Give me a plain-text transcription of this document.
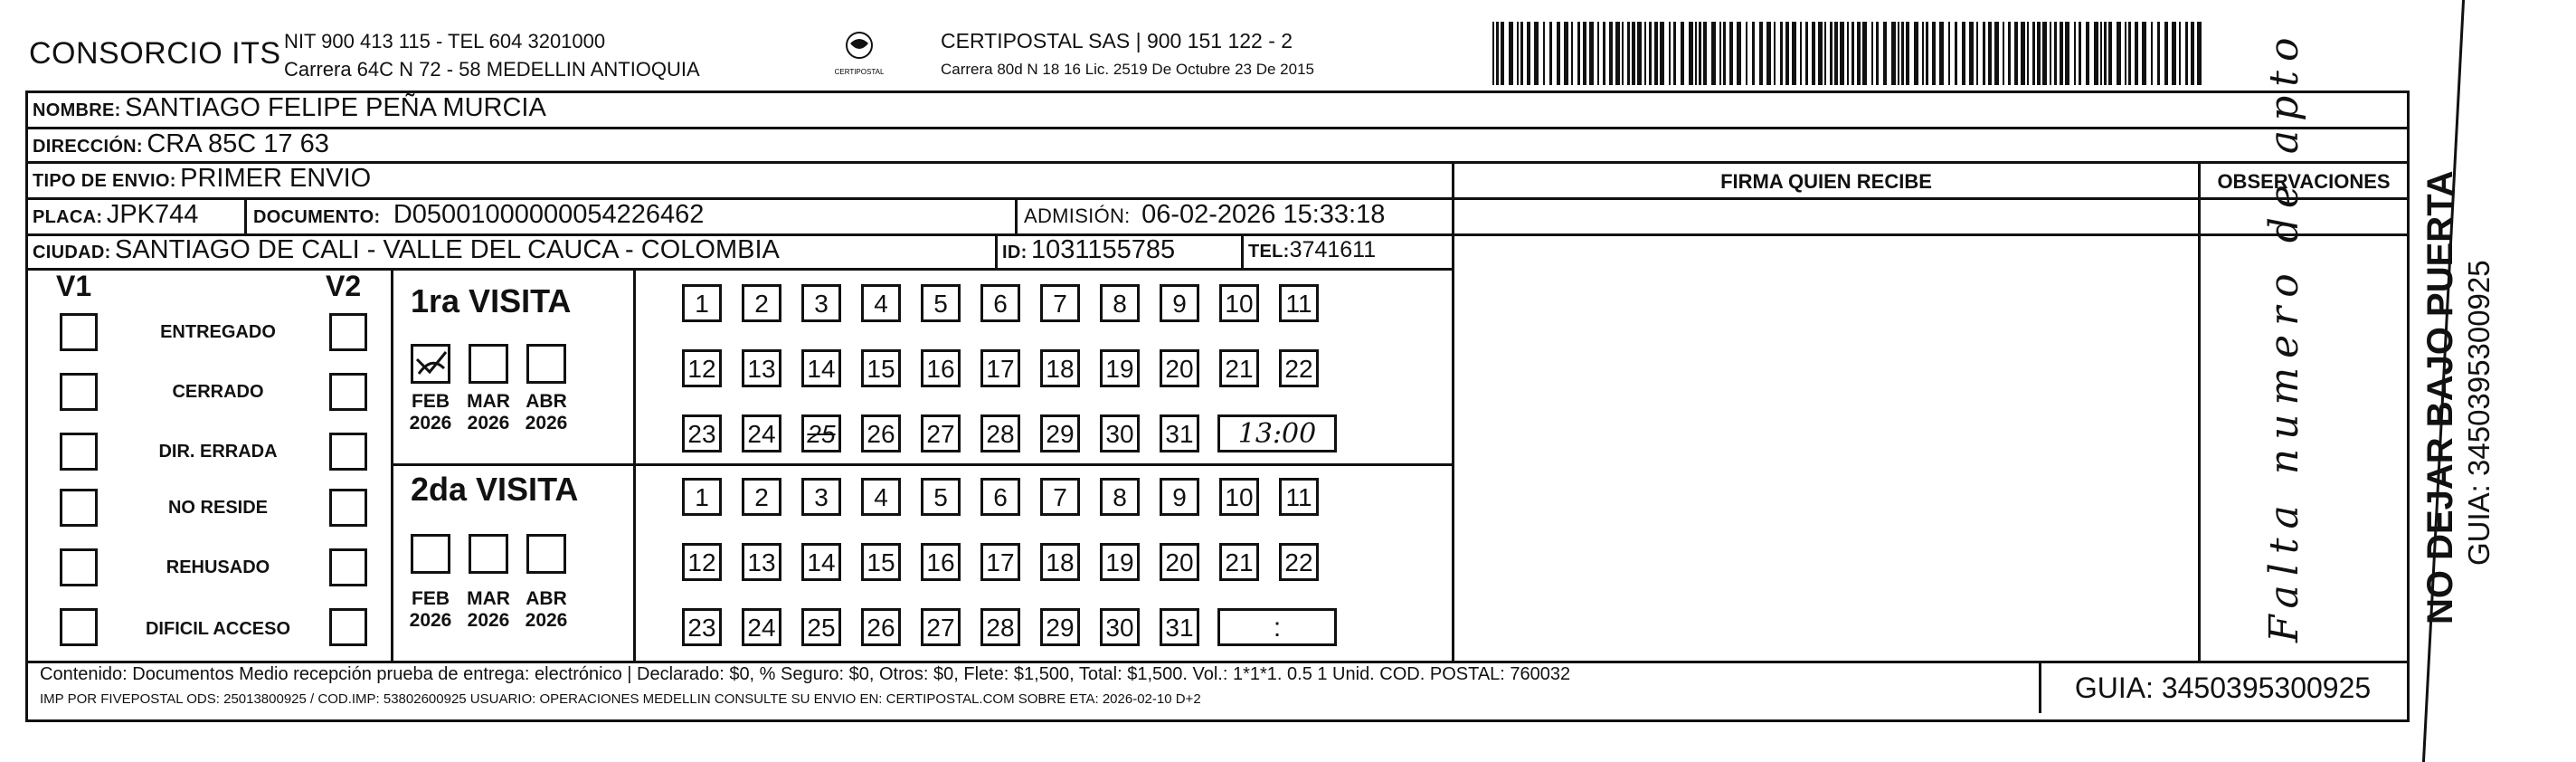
CONSORCIO ITS NIT 900 413 115 - TEL 604 3201000
Carrera 64C N 72 - 58 MEDELLIN ANTIOQUIA	CERTIPOSTAL
CERTIPOSTAL SAS | 900 151 122 - 2
Carrera 80d N 18 16 Lic. 2519 De Octubre 23 De 2015
NOMBRE: SANTIAGO FELIPE PEÑA MURCIA
DIRECCIÓN: CRA 85C 17 63
TIPO DE ENVIO: PRIMER ENVIO
PLACA: JPK744	DOCUMENTO: D05001000000054226462	ADMISIÓN: 06-02-2026 15:33:18
CIUDAD: SANTIAGO DE CALI - VALLE DEL CAUCA - COLOMBIA	ID: 1031155785	TEL:3741611
FIRMA QUIEN RECIBE	OBSERVACIONES
V1	V2
ENTREGADO
CERRADO
DIR. ERRADA
NO RESIDE
REHUSADO
DIFICIL ACCESO
1ra VISITA
FEB
2026
MAR
2026
ABR
2026
1	2	3	4	5	6	7	8	9	10 11
12 13 14 15 16 17 18 19 20 21 22
23 24 25 26 27 28 29 30 31	13:00
2da VISITA
FEB
2026
MAR
2026
ABR
2026
1	2	3	4	5	6	7	8	9	10 11
12 13 14 15 16 17 18 19 20 21 22
23 24 25 26 27 28 29 30 31	:	Falta numero de apto	NO DEJAR BAJO PUERTA GUIA: 3450395300925
Contenido: Documentos Medio recepción prueba de entrega: electrónico | Declarado: $0, % Seguro: $0, Otros: $0, Flete: $1,500, Total: $1,500. Vol.: 1*1*1. 0.5 1 Unid. COD. POSTAL: 760032
IMP POR FIVEPOSTAL ODS: 25013800925 / COD.IMP: 53802600925 USUARIO: OPERACIONES MEDELLIN CONSULTE SU ENVIO EN: CERTIPOSTAL.COM SOBRE ETA: 2026-02-10 D+2	GUIA: 3450395300925
